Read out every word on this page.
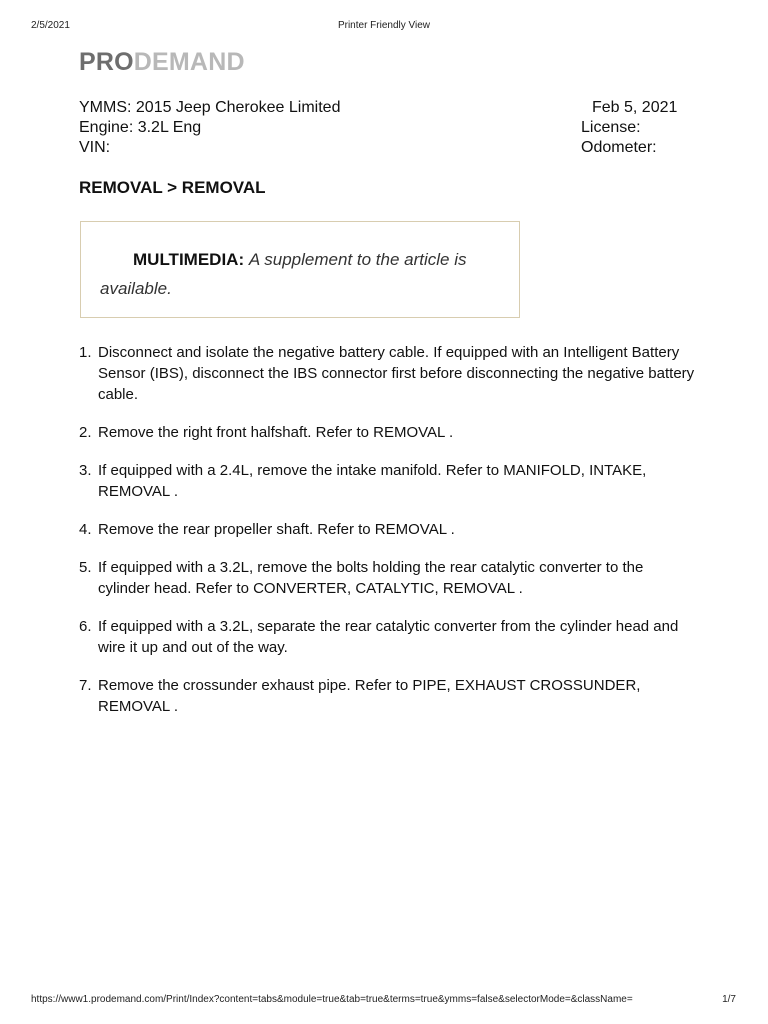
2/5/2021	Printer Friendly View
PRODEMAND
YMMS: 2015 Jeep Cherokee Limited
Engine: 3.2L Eng
VIN:
Feb 5, 2021
License:
Odometer:
REMOVAL > REMOVAL
MULTIMEDIA: A supplement to the article is available.
1. Disconnect and isolate the negative battery cable. If equipped with an Intelligent Battery Sensor (IBS), disconnect the IBS connector first before disconnecting the negative battery cable.
2. Remove the right front halfshaft. Refer to REMOVAL .
3. If equipped with a 2.4L, remove the intake manifold. Refer to MANIFOLD, INTAKE, REMOVAL .
4. Remove the rear propeller shaft. Refer to REMOVAL .
5. If equipped with a 3.2L, remove the bolts holding the rear catalytic converter to the cylinder head. Refer to CONVERTER, CATALYTIC, REMOVAL .
6. If equipped with a 3.2L, separate the rear catalytic converter from the cylinder head and wire it up and out of the way.
7. Remove the crossunder exhaust pipe. Refer to PIPE, EXHAUST CROSSUNDER, REMOVAL .
https://www1.prodemand.com/Print/Index?content=tabs&module=true&tab=true&terms=true&ymms=false&selectorMode=&className=	1/7
